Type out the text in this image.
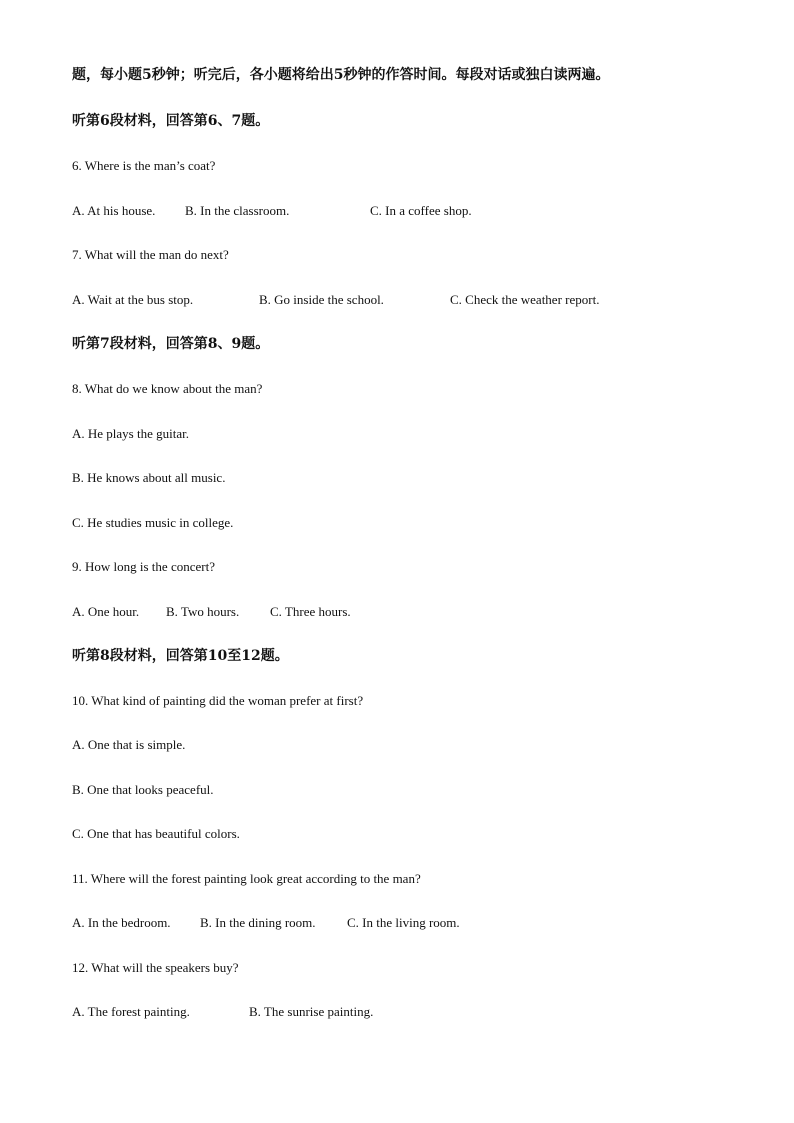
题，每小题5秒钟；听完后，各小题将给出5秒钟的作答时间。每段对话或独白读两遍。
听第6段材料，回答第6、7题。
6. Where is the man’s coat?
A. At his house. B. In the classroom.	C. In a coffee shop.
7. What will the man do next?
A. Wait at the bus stop.	B. Go inside the school.	C. Check the weather report.
听第7段材料，回答第8、9题。
8. What do we know about the man?
A. He plays the guitar.
B. He knows about all music.
C. He studies music in college.
9. How long is the concert?
A. One hour. B. Two hours. C. Three hours.
听第8段材料，回答第10至12题。
10. What kind of painting did the woman prefer at first?
A. One that is simple.
B. One that looks peaceful.
C. One that has beautiful colors.
11. Where will the forest painting look great according to the man?
A. In the bedroom. B. In the dining room. C. In the living room.
12. What will the speakers buy?
A. The forest painting.	B. The sunrise painting.
